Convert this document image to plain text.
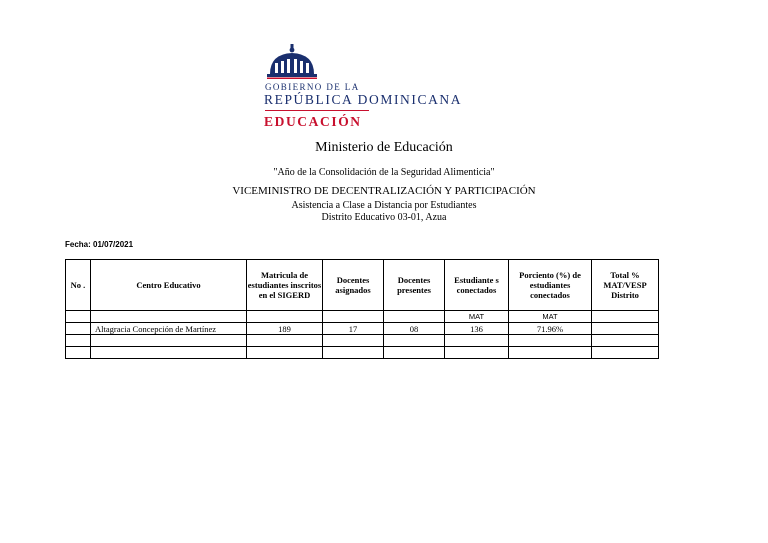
GOBIERNO DE LA
REPÚBLICA DOMINICANA
EDUCACIÓN
Ministerio de Educación
"Año de la Consolidación de la Seguridad Alimenticia"
VICEMINISTRO DE DECENTRALIZACIÓN Y PARTICIPACIÓN
Asistencia a Clase a Distancia por Estudiantes
Distrito Educativo 03-01, Azua
Fecha: 01/07/2021
No .	Centro Educativo	Matricula de estudiantes inscritos en el SIGERD	Docentes asignados	Docentes presentes	Estudiante s conectados	Porciento (%) de estudiantes conectados	Total % MAT/VESP Distrito
					MAT	MAT	
	Altagracia Concepción de Martínez	189	17	08	136	71.96%	
